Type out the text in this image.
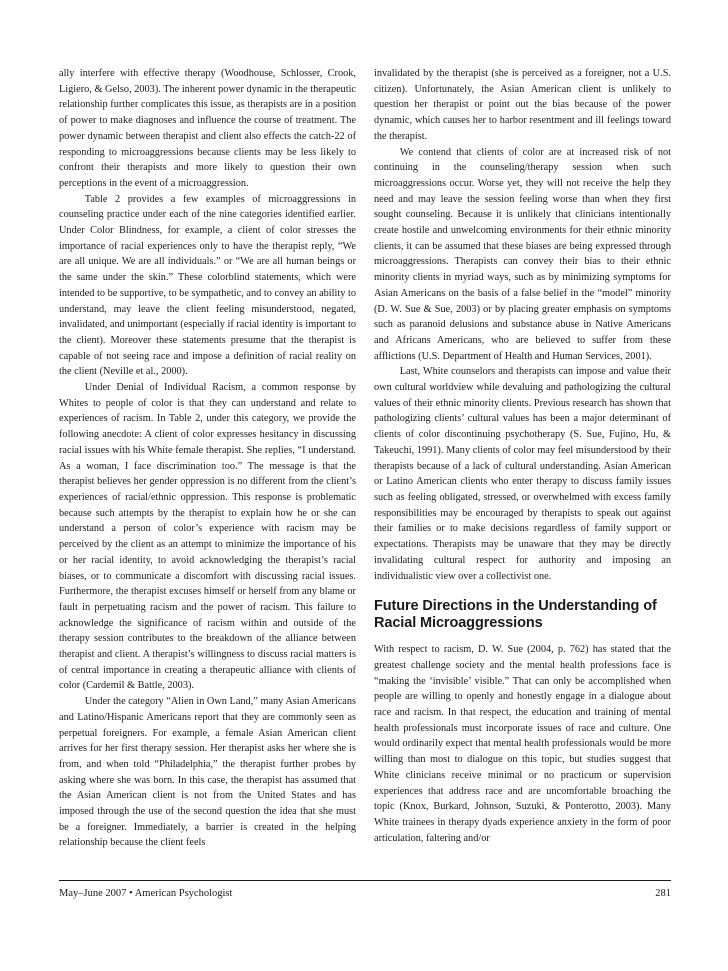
ally interfere with effective therapy (Woodhouse, Schlosser, Crook, Ligiero, & Gelso, 2003). The inherent power dynamic in the therapeutic relationship further complicates this issue, as therapists are in a position of power to make diagnoses and influence the course of treatment. The power dynamic between therapist and client also effects the catch-22 of responding to microaggressions because clients may be less likely to confront their therapists and more likely to question their own perceptions in the event of a microaggression.

Table 2 provides a few examples of microaggressions in counseling practice under each of the nine categories identified earlier. Under Color Blindness, for example, a client of color stresses the importance of racial experiences only to have the therapist reply, “We are all unique. We are all individuals.” or “We are all human beings or the same under the skin.” These colorblind statements, which were intended to be supportive, to be sympathetic, and to convey an ability to understand, may leave the client feeling misunderstood, negated, invalidated, and unimportant (especially if racial identity is important to the client). Moreover these statements presume that the therapist is capable of not seeing race and impose a definition of racial reality on the client (Neville et al., 2000).

Under Denial of Individual Racism, a common response by Whites to people of color is that they can understand and relate to experiences of racism. In Table 2, under this category, we provide the following anecdote: A client of color expresses hesitancy in discussing racial issues with his White female therapist. She replies, “I understand. As a woman, I face discrimination too.” The message is that the therapist believes her gender oppression is no different from the client’s experiences of racial/ethnic oppression. This response is problematic because such attempts by the therapist to explain how he or she can understand a person of color’s experience with racism may be perceived by the client as an attempt to minimize the importance of his or her racial identity, to avoid acknowledging the therapist’s racial biases, or to communicate a discomfort with discussing racial issues. Furthermore, the therapist excuses himself or herself from any blame or fault in perpetuating racism and the power of racism. This failure to acknowledge the significance of racism within and outside of the therapy session contributes to the breakdown of the alliance between therapist and client. A therapist’s willingness to discuss racial matters is of central importance in creating a therapeutic alliance with clients of color (Cardemil & Battle, 2003).

Under the category “Alien in Own Land,” many Asian Americans and Latino/Hispanic Americans report that they are commonly seen as perpetual foreigners. For example, a female Asian American client arrives for her first therapy session. Her therapist asks her where she is from, and when told “Philadelphia,” the therapist further probes by asking where she was born. In this case, the therapist has assumed that the Asian American client is not from the United States and has imposed through the use of the second question the idea that she must be a foreigner. Immediately, a barrier is created in the helping relationship because the client feels

invalidated by the therapist (she is perceived as a foreigner, not a U.S. citizen). Unfortunately, the Asian American client is unlikely to question her therapist or point out the bias because of the power dynamic, which causes her to harbor resentment and ill feelings toward the therapist.

We contend that clients of color are at increased risk of not continuing in the counseling/therapy session when such microaggressions occur. Worse yet, they will not receive the help they need and may leave the session feeling worse than when they first sought counseling. Because it is unlikely that clinicians intentionally create hostile and unwelcoming environments for their ethnic minority clients, it can be assumed that these biases are being expressed through microaggressions. Therapists can convey their bias to their ethnic minority clients in myriad ways, such as by minimizing symptoms for Asian Americans on the basis of a false belief in the “model” minority (D. W. Sue & Sue, 2003) or by placing greater emphasis on symptoms such as paranoid delusions and substance abuse in Native Americans and Africans Americans, who are believed to suffer from these afflictions (U.S. Department of Health and Human Services, 2001).

Last, White counselors and therapists can impose and value their own cultural worldview while devaluing and pathologizing the cultural values of their ethnic minority clients. Previous research has shown that pathologizing clients’ cultural values has been a major determinant of clients of color discontinuing psychotherapy (S. Sue, Fujino, Hu, & Takeuchi, 1991). Many clients of color may feel misunderstood by their therapists because of a lack of cultural understanding. Asian American or Latino American clients who enter therapy to discuss family issues such as feeling obligated, stressed, or overwhelmed with excess family responsibilities may be encouraged by therapists to speak out against their families or to make decisions regardless of family support or expectations. Therapists may be unaware that they may be directly invalidating cultural respect for authority and imposing an individualistic view over a collectivist one.

Future Directions in the Understanding of Racial Microaggressions

With respect to racism, D. W. Sue (2004, p. 762) has stated that the greatest challenge society and the mental health professions face is “making the ‘invisible’ visible.” That can only be accomplished when people are willing to openly and honestly engage in a dialogue about race and racism. In that respect, the education and training of mental health professionals must incorporate issues of race and culture. One would ordinarily expect that mental health professionals would be more willing than most to dialogue on this topic, but studies suggest that White clinicians receive minimal or no practicum or supervision experiences that address race and are uncomfortable broaching the topic (Knox, Burkard, Johnson, Suzuki, & Ponterotto, 2003). Many White trainees in therapy dyads experience anxiety in the form of poor articulation, faltering and/or

May–June 2007 • American Psychologist	281
